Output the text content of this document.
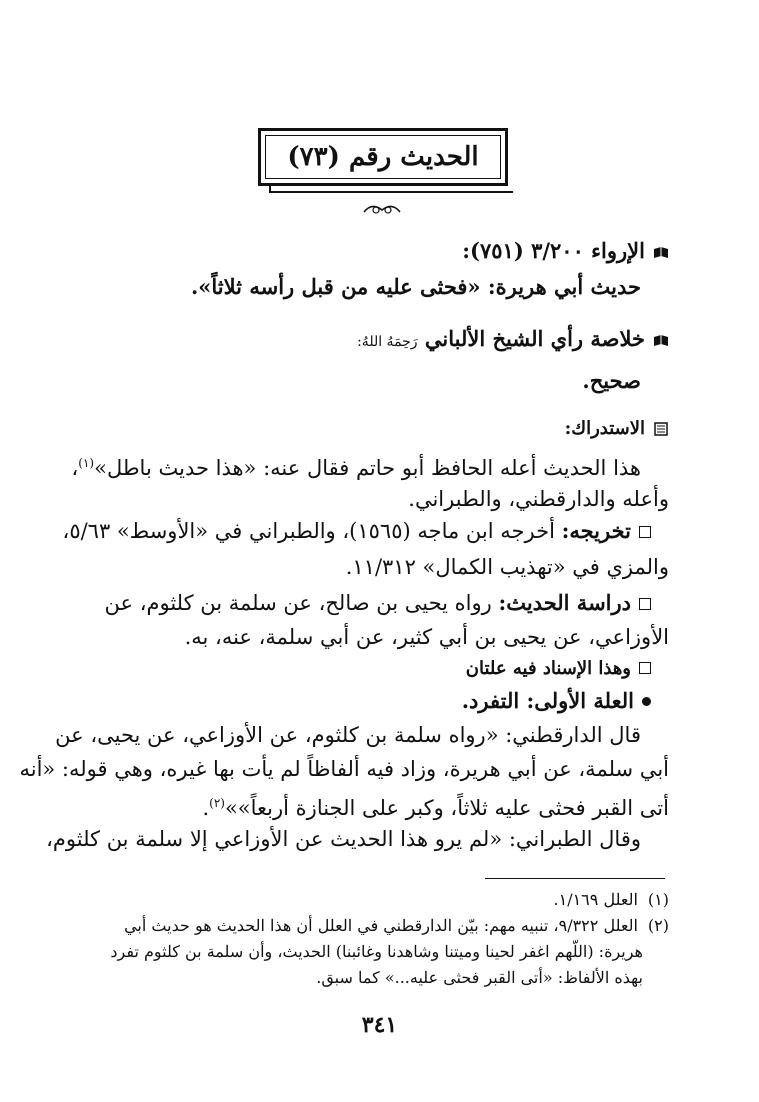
الحديث رقم (٧٣)
الإرواء ٣/٢٠٠ (٧٥١):
حديث أبي هريرة: «فحثى عليه من قبل رأسه ثلاثاً».
خلاصة رأي الشيخ الألباني رَحِمَهُ اللهُ:
صحيح.
الاستدراك:
هذا الحديث أعله الحافظ أبو حاتم فقال عنه: «هذا حديث باطل»$^{(١)}$،
وأعله والدارقطني، والطبراني.
تخريجه: أخرجه ابن ماجه (١٥٦٥)، والطبراني في «الأوسط» ٥/٦٣،
والمزي في «تهذيب الكمال» ١١/٣١٢.
دراسة الحديث: رواه يحيى بن صالح، عن سلمة بن كلثوم، عن
الأوزاعي، عن يحيى بن أبي كثير، عن أبي سلمة، عنه، به.
وهذا الإسناد فيه علتان
العلة الأولى: التفرد.
قال الدارقطني: «رواه سلمة بن كلثوم، عن الأوزاعي، عن يحيى، عن
أبي سلمة، عن أبي هريرة، وزاد فيه ألفاظاً لم يأت بها غيره، وهي قوله: «أنه
أتى القبر فحثى عليه ثلاثاً، وكبر على الجنازة أربعاً»»$^{(٢)}$.
وقال الطبراني: «لم يرو هذا الحديث عن الأوزاعي إلا سلمة بن كلثوم،
(١) العلل ١/١٦٩.
(٢) العلل ٩/٣٢٢، تنبيه مهم: بيّن الدارقطني في العلل أن هذا الحديث هو حديث أبي
هريرة: (اللّهم اغفر لحينا وميتنا وشاهدنا وغائبنا) الحديث، وأن سلمة بن كلثوم تفرد
بهذه الألفاظ: «أتى القبر فحثى عليه...» كما سبق.
٣٤١
